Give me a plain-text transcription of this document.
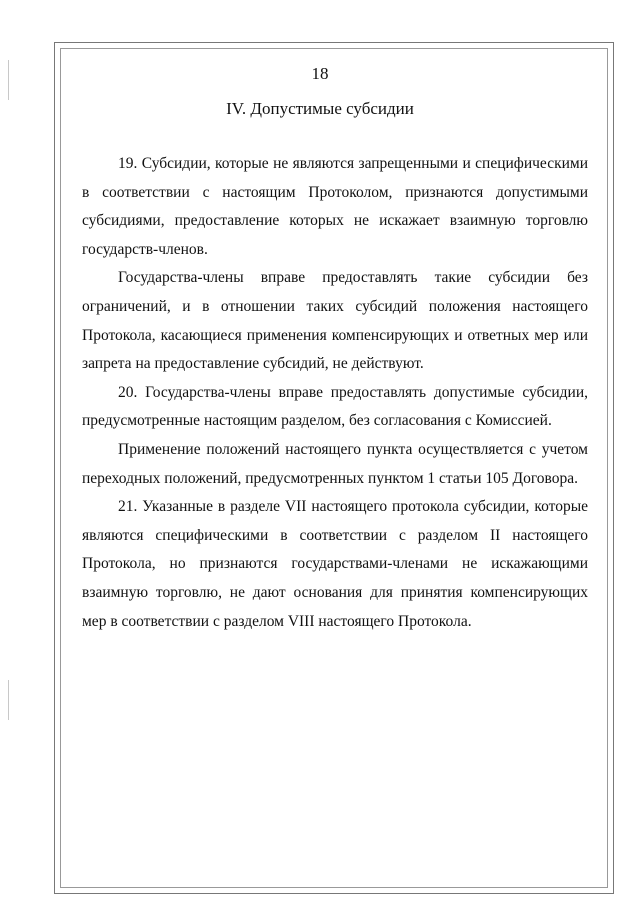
18
IV. Допустимые субсидии

19. Субсидии, которые не являются запрещенными и специфическими в соответствии с настоящим Протоколом, признаются допустимыми субсидиями, предоставление которых не искажает взаимную торговлю государств-членов.

Государства-члены вправе предоставлять такие субсидии без ограничений, и в отношении таких субсидий положения настоящего Протокола, касающиеся применения компенсирующих и ответных мер или запрета на предоставление субсидий, не действуют.

20. Государства-члены вправе предоставлять допустимые субсидии, предусмотренные настоящим разделом, без согласования с Комиссией.

Применение положений настоящего пункта осуществляется с учетом переходных положений, предусмотренных пунктом 1 статьи 105 Договора.

21. Указанные в разделе VII настоящего протокола субсидии, которые являются специфическими в соответствии с разделом II настоящего Протокола, но признаются государствами-членами не искажающими взаимную торговлю, не дают основания для принятия компенсирующих мер в соответствии с разделом VIII настоящего Протокола.
